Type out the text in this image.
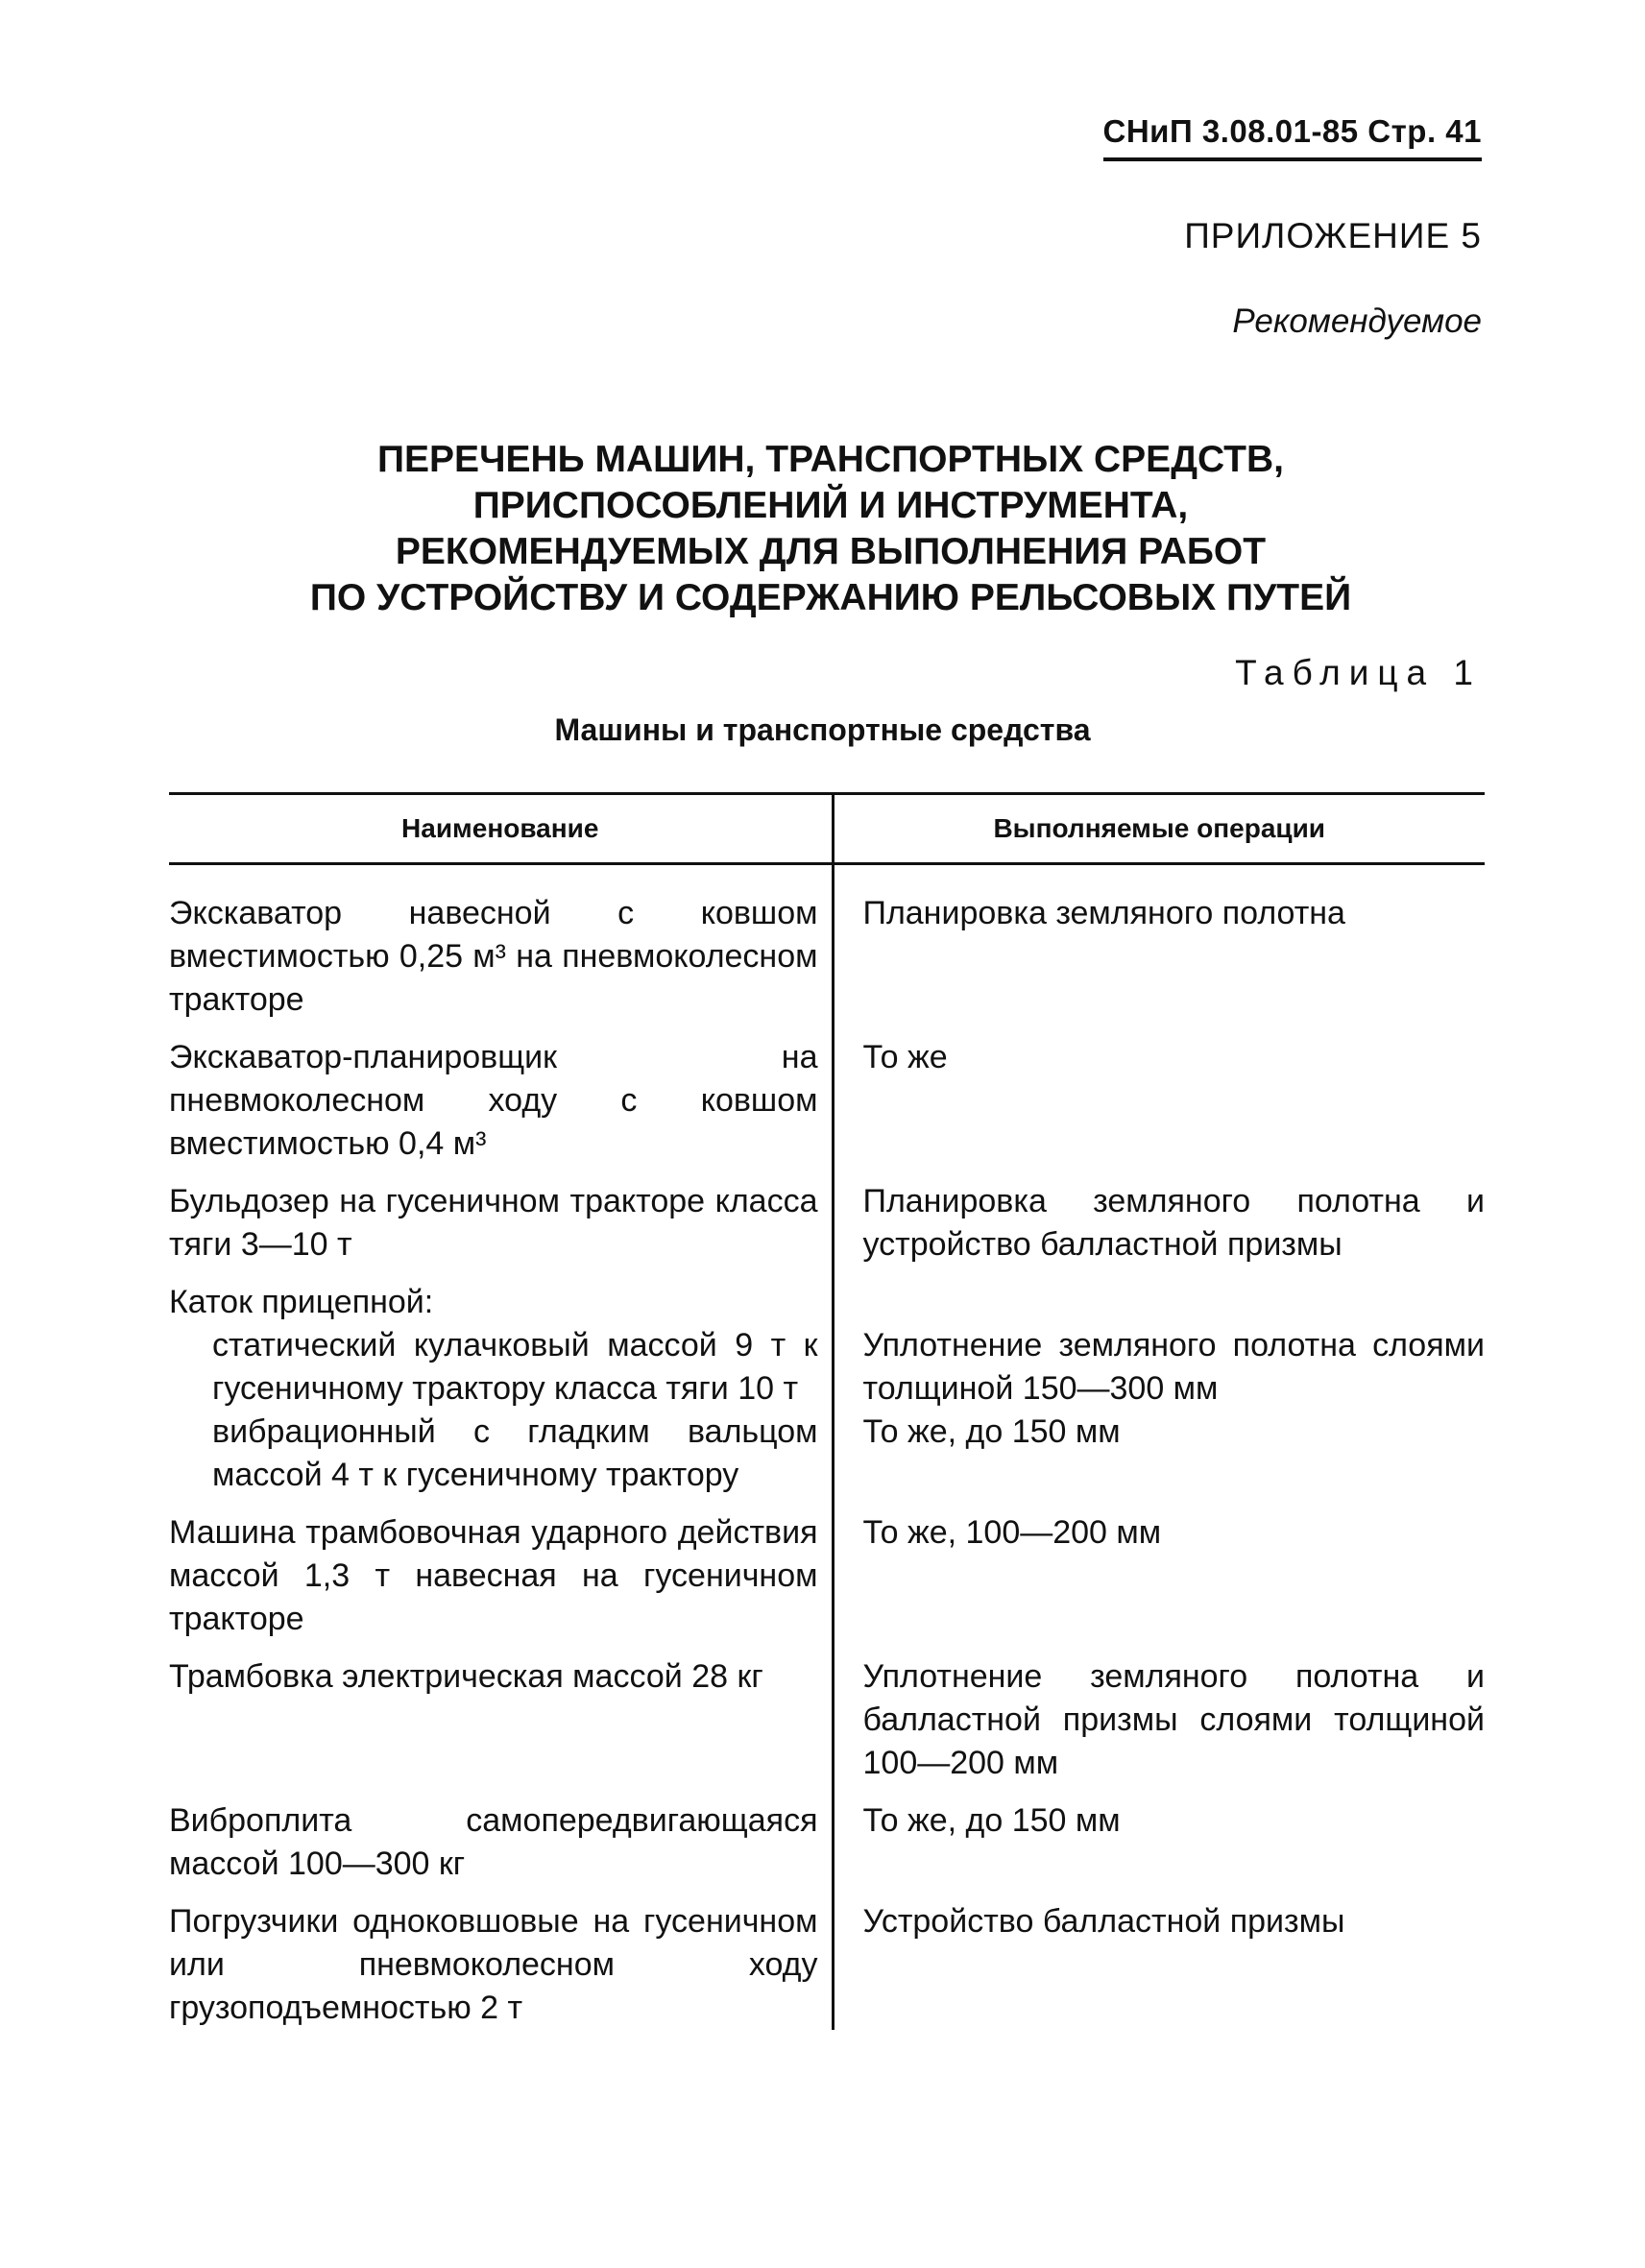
СНиП 3.08.01-85 Стр. 41
ПРИЛОЖЕНИЕ 5
Рекомендуемое
ПЕРЕЧЕНЬ МАШИН, ТРАНСПОРТНЫХ СРЕДСТВ,
ПРИСПОСОБЛЕНИЙ И ИНСТРУМЕНТА,
РЕКОМЕНДУЕМЫХ ДЛЯ ВЫПОЛНЕНИЯ РАБОТ
ПО УСТРОЙСТВУ И СОДЕРЖАНИЮ РЕЛЬСОВЫХ ПУТЕЙ
Таблица 1
Машины и транспортные средства
Наименование	Выполняемые операции
Экскаватор навесной с ковшом вместимостью 0,25 м³ на пневмоколесном тракторе	Планировка земляного полотна
Экскаватор-планировщик на пневмоколесном ходу с ковшом вместимостью 0,4 м³	То же
Бульдозер на гусеничном тракторе класса тяги 3—10 т	Планировка земляного полотна и устройство балластной призмы
Каток прицепной:	
статический кулачковый массой 9 т к гусеничному трактору класса тяги 10 т	Уплотнение земляного полотна слоями толщиной 150—300 мм
вибрационный с гладким вальцом массой 4 т к гусеничному трактору	То же, до 150 мм
Машина трамбовочная ударного действия массой 1,3 т навесная на гусеничном тракторе	То же, 100—200 мм
Трамбовка электрическая массой 28 кг	Уплотнение земляного полотна и балластной призмы слоями толщиной 100—200 мм
Виброплита самопередвигающаяся массой 100—300 кг	То же, до 150 мм
Погрузчики одноковшовые на гусеничном или пневмоколесном ходу грузоподъемностью 2 т	Устройство балластной призмы
